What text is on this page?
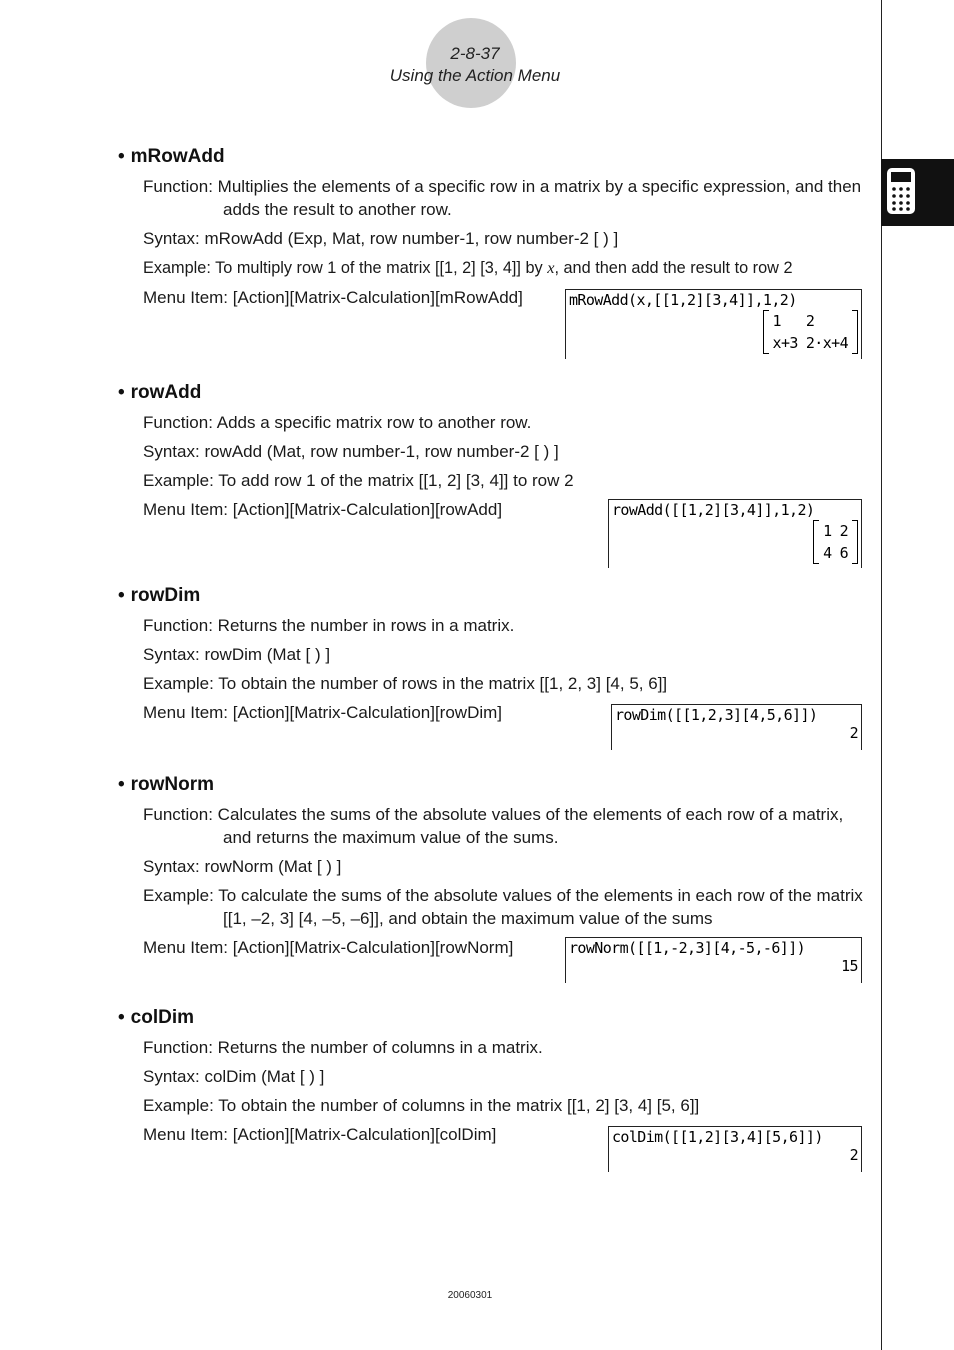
2-8-37
Using the Action Menu
• mRowAdd
Function: Multiplies the elements of a specific row in a matrix by a specific expression, and then adds the result to another row.
Syntax: mRowAdd (Exp, Mat, row number-1, row number-2 [ ) ]
Example: To multiply row 1 of the matrix [[1, 2] [3, 4]] by x, and then add the result to row 2
Menu Item: [Action][Matrix-Calculation][mRowAdd]	mRowAdd(x,[[1,2][3,4]],1,2)
1	2
x+3	2·x+4
• rowAdd
Function: Adds a specific matrix row to another row.
Syntax: rowAdd (Mat, row number-1, row number-2 [ ) ]
Example: To add row 1 of the matrix [[1, 2] [3, 4]] to row 2
Menu Item: [Action][Matrix-Calculation][rowAdd]	rowAdd([[1,2][3,4]],1,2)
1	2
4	6
• rowDim
Function: Returns the number in rows in a matrix.
Syntax: rowDim (Mat [ ) ]
Example: To obtain the number of rows in the matrix [[1, 2, 3] [4, 5, 6]]
Menu Item: [Action][Matrix-Calculation][rowDim]	rowDim([[1,2,3][4,5,6]])
2
• rowNorm
Function: Calculates the sums of the absolute values of the elements of each row of a matrix, and returns the maximum value of the sums.
Syntax: rowNorm (Mat [ ) ]
Example: To calculate the sums of the absolute values of the elements in each row of the matrix [[1, –2, 3] [4, –5, –6]], and obtain the maximum value of the sums
Menu Item: [Action][Matrix-Calculation][rowNorm]	rowNorm([[1,-2,3][4,-5,-6]])
15
• colDim
Function: Returns the number of columns in a matrix.
Syntax: colDim (Mat [ ) ]
Example: To obtain the number of columns in the matrix [[1, 2] [3, 4] [5, 6]]
Menu Item: [Action][Matrix-Calculation][colDim]	colDim([[1,2][3,4][5,6]])
2
20060301
